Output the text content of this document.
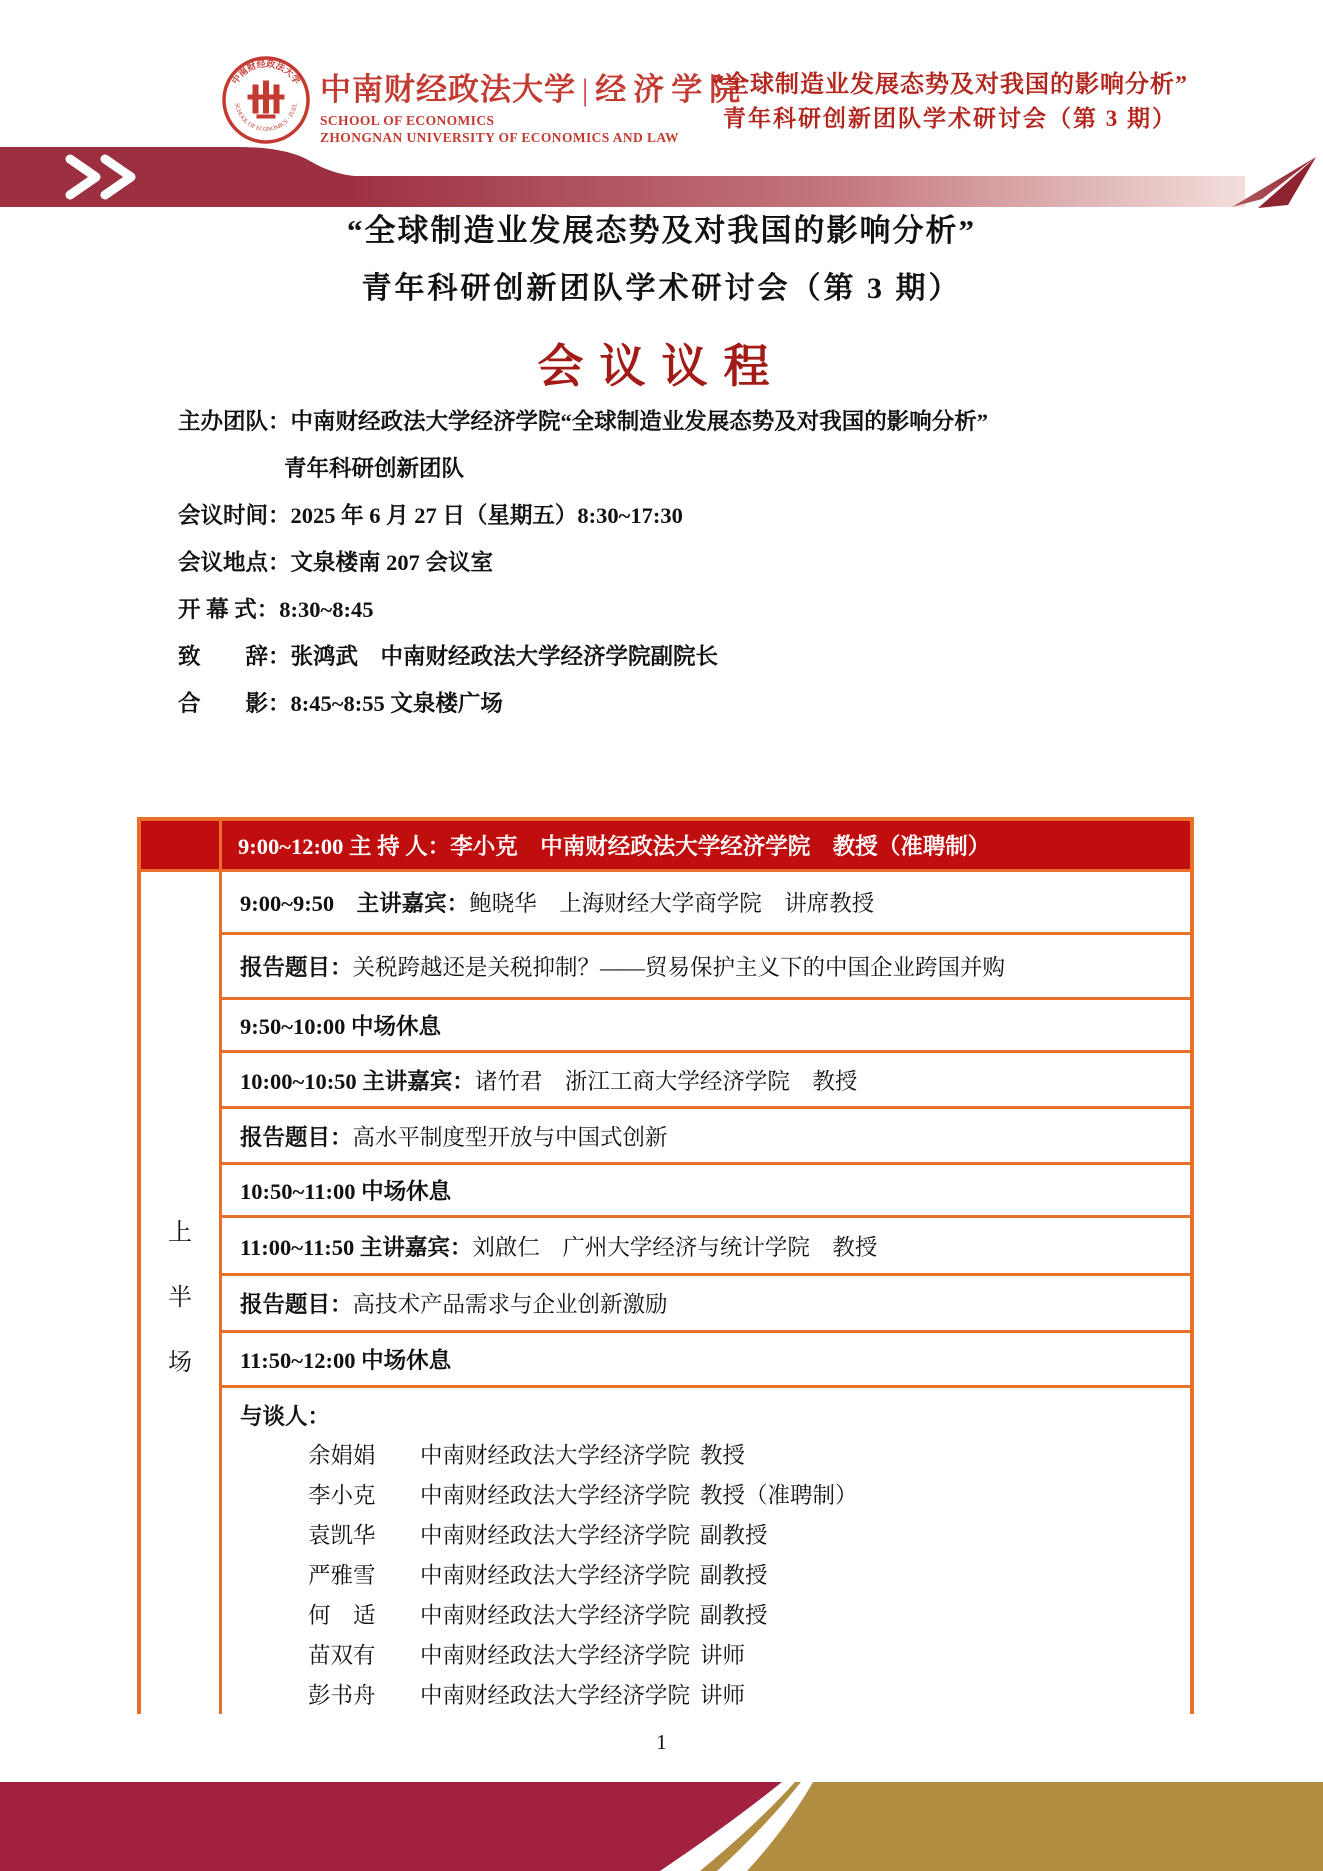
中南财经政法大学
SCHOOL OF ECONOMICS · ZUEL 中南财经政法大学 | 经济学院
SCHOOL OF ECONOMICS
ZHONGNAN UNIVERSITY OF ECONOMICS AND LAW
“全球制造业发展态势及对我国的影响分析”
青年科研创新团队学术研讨会（第 3 期）
“全球制造业发展态势及对我国的影响分析”
青年科研创新团队学术研讨会（第 3 期）
会议议程
主办团队： 中南财经政法大学经济学院“全球制造业发展态势及对我国的影响分析”
青年科研创新团队
会议时间： 2025 年 6 月 27 日（星期五）8:30~17:30
会议地点： 文泉楼南 207 会议室
开 幕 式： 8:30~8:45
致　　辞： 张鸿武　中南财经政法大学经济学院副院长
合　　影： 8:45~8:55 文泉楼广场
9:00~12:00 主 持 人：李小克　中南财经政法大学经济学院　教授（准聘制）
上
半
场
9:00~9:50　主讲嘉宾： 鲍晓华　上海财经大学商学院　讲席教授
报告题目： 关税跨越还是关税抑制？——贸易保护主义下的中国企业跨国并购
9:50~10:00 中场休息
10:00~10:50 主讲嘉宾： 诸竹君　浙江工商大学经济学院　教授
报告题目： 高水平制度型开放与中国式创新
10:50~11:00 中场休息
11:00~11:50 主讲嘉宾： 刘啟仁　广州大学经济与统计学院　教授
报告题目： 高技术产品需求与企业创新激励
11:50~12:00 中场休息
与谈人：
余娟娟 中南财经政法大学经济学院 教授
李小克 中南财经政法大学经济学院 教授（准聘制）
袁凯华 中南财经政法大学经济学院 副教授
严雅雪 中南财经政法大学经济学院 副教授
何　适 中南财经政法大学经济学院 副教授
苗双有 中南财经政法大学经济学院 讲师
彭书舟 中南财经政法大学经济学院 讲师
1
